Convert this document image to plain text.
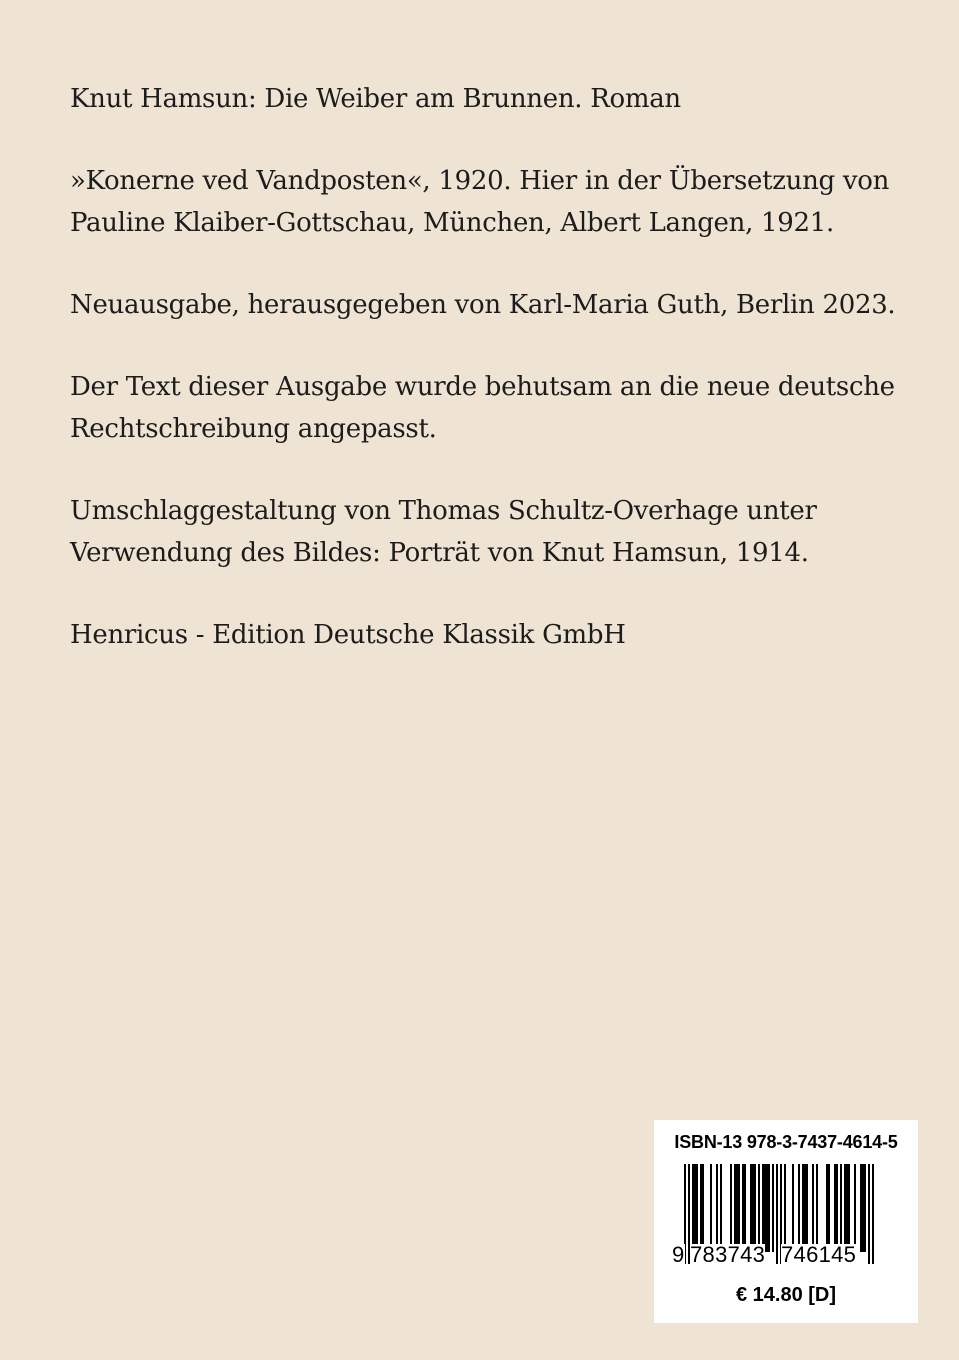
Knut Hamsun: Die Weiber am Brunnen. Roman
»Konerne ved Vandposten«, 1920. Hier in der Übersetzung von
Pauline Klaiber-Gottschau, München, Albert Langen, 1921.
Neuausgabe, herausgegeben von Karl-Maria Guth, Berlin 2023.
Der Text dieser Ausgabe wurde behutsam an die neue deutsche
Rechtschreibung angepasst.
Umschlaggestaltung von Thomas Schultz-Overhage unter
Verwendung des Bildes: Porträt von Knut Hamsun, 1914.
Henricus - Edition Deutsche Klassik GmbH
ISBN-13 978-3-7437-4614-5
9 783743 746145
€ 14.80 [D]
